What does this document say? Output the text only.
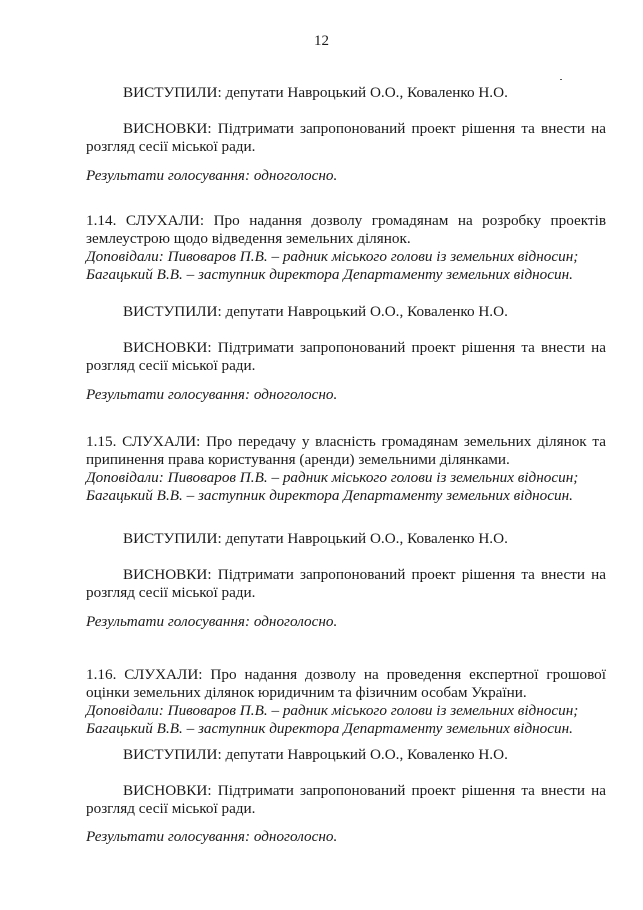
12
ВИСТУПИЛИ: депутати Навроцький О.О., Коваленко Н.О.
ВИСНОВКИ: Підтримати запропонований проект рішення та внести на
розгляд сесії міської ради.
Результати голосування: одноголосно.
1.14. СЛУХАЛИ: Про надання дозволу громадянам на розробку проектів
землеустрою щодо відведення земельних ділянок.
Доповідали: Пивоваров П.В. – радник міського голови із земельних відносин;
Багацький В.В. – заступник директора Департаменту земельних відносин.
ВИСТУПИЛИ: депутати Навроцький О.О., Коваленко Н.О.
ВИСНОВКИ: Підтримати запропонований проект рішення та внести на
розгляд сесії міської ради.
Результати голосування: одноголосно.
1.15. СЛУХАЛИ: Про передачу у власність громадянам земельних ділянок та
припинення права користування (аренди) земельними ділянками.
Доповідали: Пивоваров П.В. – радник міського голови із земельних відносин;
Багацький В.В. – заступник директора Департаменту земельних відносин.
ВИСТУПИЛИ: депутати Навроцький О.О., Коваленко Н.О.
ВИСНОВКИ: Підтримати запропонований проект рішення та внести на
розгляд сесії міської ради.
Результати голосування: одноголосно.
1.16. СЛУХАЛИ: Про надання дозволу на проведення експертної грошової
оцінки земельних ділянок юридичним та фізичним особам України.
Доповідали: Пивоваров П.В. – радник міського голови із земельних відносин;
Багацький В.В. – заступник директора Департаменту земельних відносин.
ВИСТУПИЛИ: депутати Навроцький О.О., Коваленко Н.О.
ВИСНОВКИ: Підтримати запропонований проект рішення та внести на
розгляд сесії міської ради.
Результати голосування: одноголосно.
